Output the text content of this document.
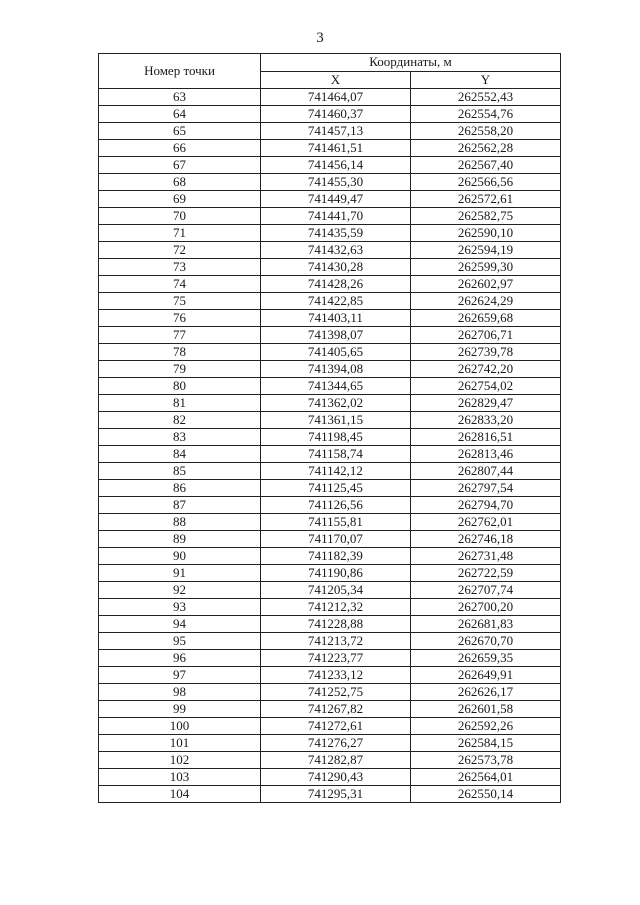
3
Номер точки	Координаты, м	
	X	Y
63	741464,07	262552,43
64	741460,37	262554,76
65	741457,13	262558,20
66	741461,51	262562,28
67	741456,14	262567,40
68	741455,30	262566,56
69	741449,47	262572,61
70	741441,70	262582,75
71	741435,59	262590,10
72	741432,63	262594,19
73	741430,28	262599,30
74	741428,26	262602,97
75	741422,85	262624,29
76	741403,11	262659,68
77	741398,07	262706,71
78	741405,65	262739,78
79	741394,08	262742,20
80	741344,65	262754,02
81	741362,02	262829,47
82	741361,15	262833,20
83	741198,45	262816,51
84	741158,74	262813,46
85	741142,12	262807,44
86	741125,45	262797,54
87	741126,56	262794,70
88	741155,81	262762,01
89	741170,07	262746,18
90	741182,39	262731,48
91	741190,86	262722,59
92	741205,34	262707,74
93	741212,32	262700,20
94	741228,88	262681,83
95	741213,72	262670,70
96	741223,77	262659,35
97	741233,12	262649,91
98	741252,75	262626,17
99	741267,82	262601,58
100	741272,61	262592,26
101	741276,27	262584,15
102	741282,87	262573,78
103	741290,43	262564,01
104	741295,31	262550,14
